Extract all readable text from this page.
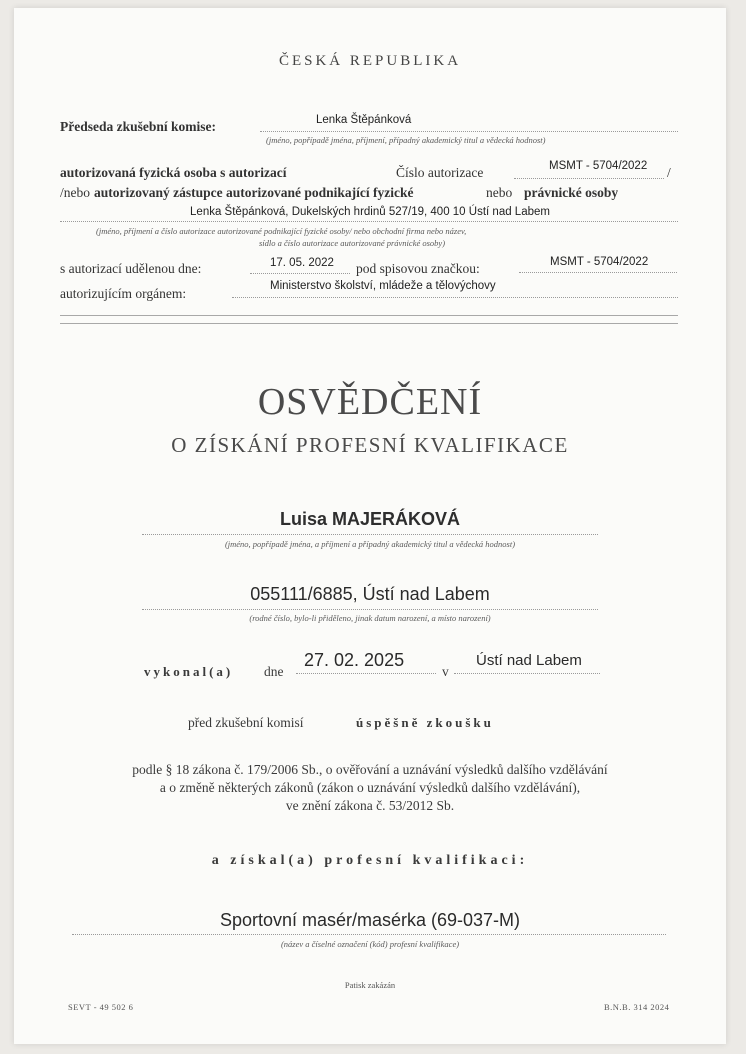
ČESKÁ REPUBLIKA
Předseda zkušební komise:	Lenka Štěpánková
(jméno, popřípadě jména, příjmení, případný akademický titul a vědecká hodnost)
autorizovaná fyzická osoba s autorizací	Číslo autorizace	MSMT - 5704/2022 /
/nebo autorizovaný zástupce autorizované podnikající fyzické	nebo právnické osoby
Lenka Štěpánková, Dukelských hrdinů 527/19, 400 10 Ústí nad Labem
(jméno, příjmení a číslo autorizace autorizované podnikající fyzické osoby/ nebo obchodní firma nebo název,
sídlo a číslo autorizace autorizované právnické osoby)
s autorizací udělenou dne:	17. 05. 2022 pod spisovou značkou:	MSMT - 5704/2022
autorizujícím orgánem:	Ministerstvo školství, mládeže a tělovýchovy
OSVĚDČENÍ
O ZÍSKÁNÍ PROFESNÍ KVALIFIKACE
Luisa MAJERÁKOVÁ
(jméno, popřípadě jména, a příjmení a případný akademický titul a vědecká hodnost)
055111/6885, Ústí nad Labem
(rodné číslo, bylo-li přiděleno, jinak datum narození, a místo narození)
vykonal(a) dne
27. 02. 2025
v
Ústí nad Labem
před zkušební komisí	úspěšně zkoušku
podle § 18 zákona č. 179/2006 Sb., o ověřování a uznávání výsledků dalšího vzdělávání
a o změně některých zákonů (zákon o uznávání výsledků dalšího vzdělávání),
ve znění zákona č. 53/2012 Sb.
a získal(a) profesní kvalifikaci:
Sportovní masér/masérka (69-037-M)
(název a číselné označení (kód) profesní kvalifikace)
Patisk zakázán
SEVT - 49 502 6	B.N.B. 314 2024
